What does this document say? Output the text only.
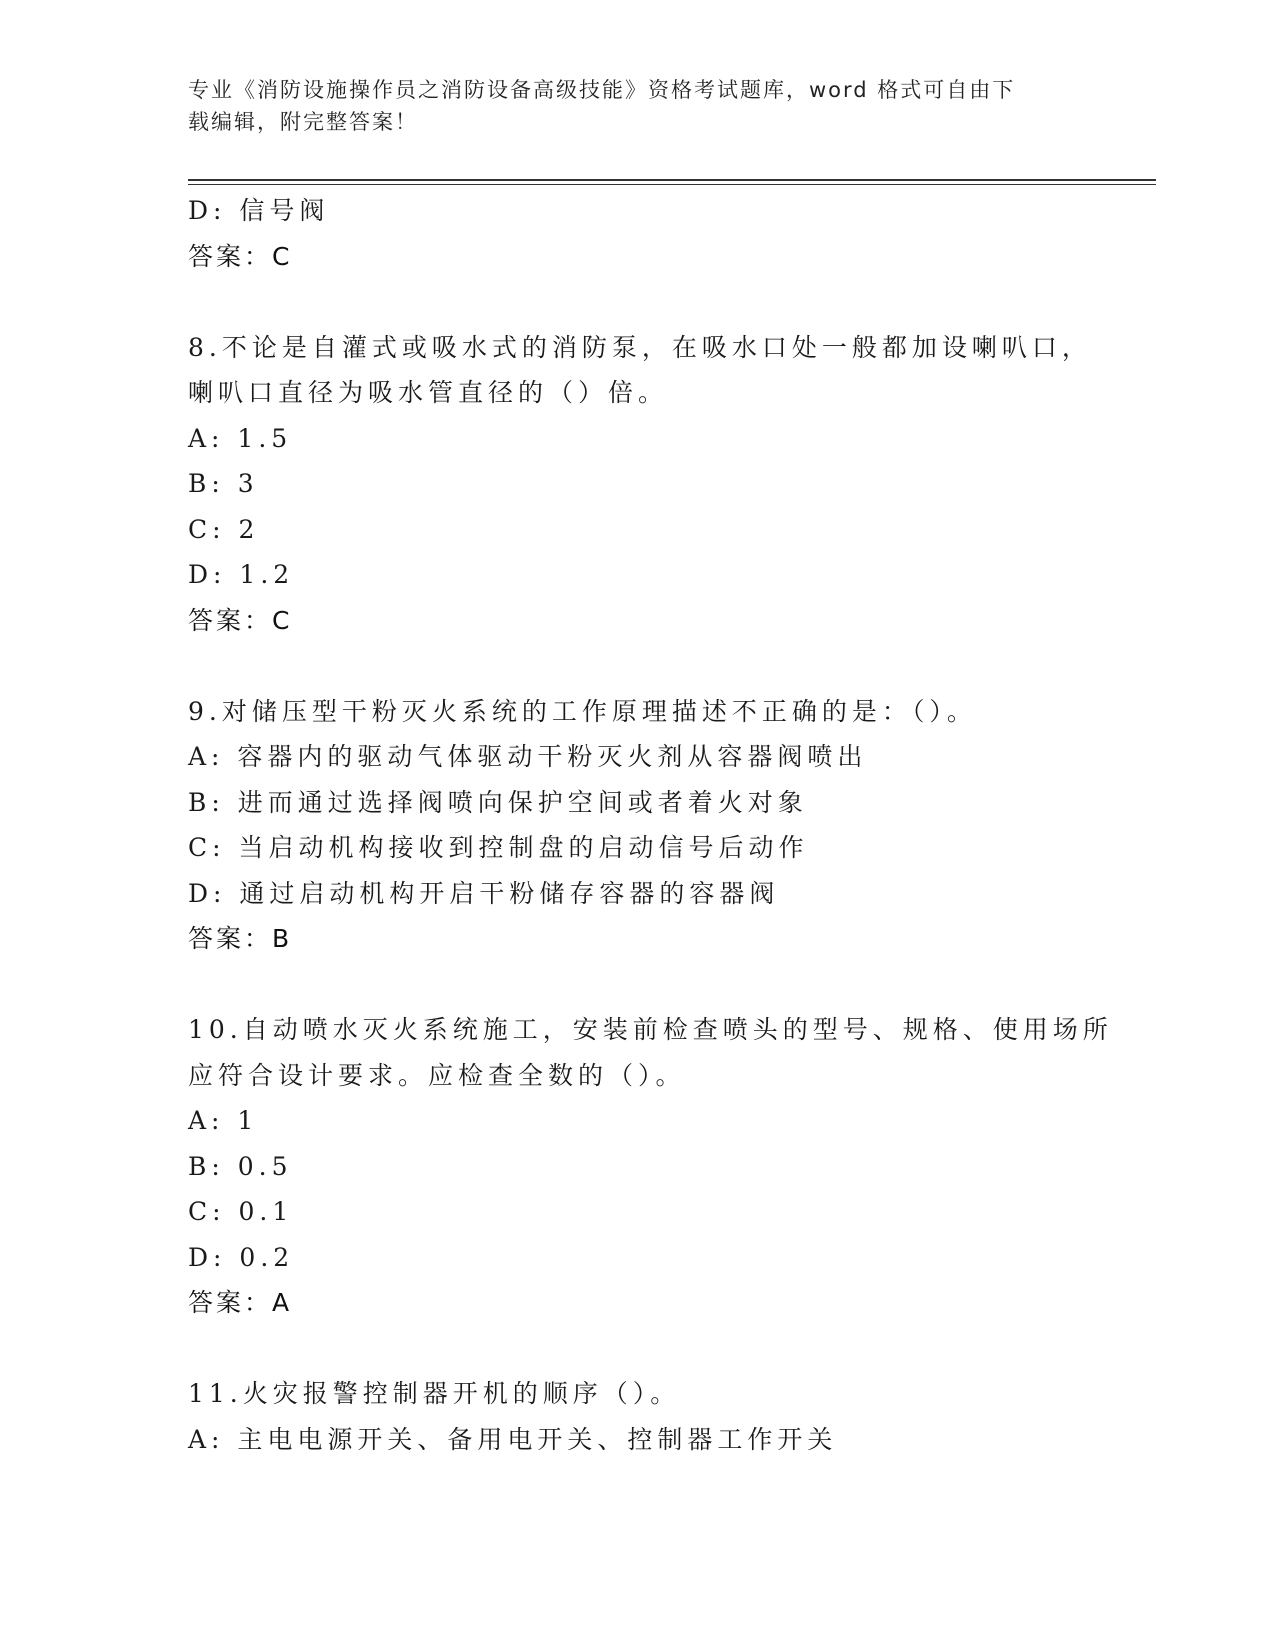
专业《消防设施操作员之消防设备高级技能》资格考试题库，word 格式可自由下
载编辑，附完整答案！
D: 信号阀
答案：C
8.不论是自灌式或吸水式的消防泵，在吸水口处一般都加设喇叭口，
喇叭口直径为吸水管直径的（）倍。
A: 1.5
B: 3
C: 2
D: 1.2
答案：C
9.对储压型干粉灭火系统的工作原理描述不正确的是：（）。
A: 容器内的驱动气体驱动干粉灭火剂从容器阀喷出
B: 进而通过选择阀喷向保护空间或者着火对象
C: 当启动机构接收到控制盘的启动信号后动作
D: 通过启动机构开启干粉储存容器的容器阀
答案：B
10.自动喷水灭火系统施工，安装前检查喷头的型号、规格、使用场所
应符合设计要求。应检查全数的（）。
A: 1
B: 0.5
C: 0.1
D: 0.2
答案：A
11.火灾报警控制器开机的顺序（）。
A: 主电电源开关、备用电开关、控制器工作开关
